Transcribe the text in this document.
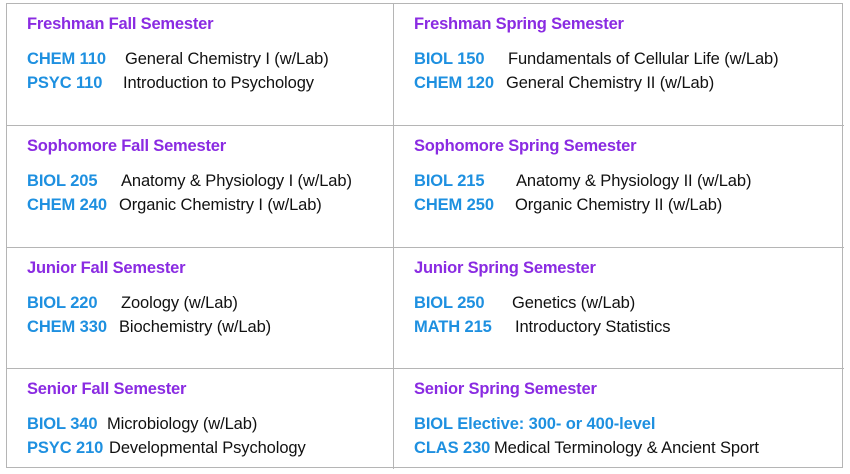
Freshman Fall Semester
CHEM 110 General Chemistry I (w/Lab)
PSYC 110 Introduction to Psychology
Freshman Spring Semester
BIOL 150 Fundamentals of Cellular Life (w/Lab)
CHEM 120 General Chemistry II (w/Lab)
Sophomore Fall Semester
BIOL 205 Anatomy & Physiology I (w/Lab)
CHEM 240 Organic Chemistry I (w/Lab)
Sophomore Spring Semester
BIOL 215 Anatomy & Physiology II (w/Lab)
CHEM 250 Organic Chemistry II (w/Lab)
Junior Fall Semester
BIOL 220 Zoology (w/Lab)
CHEM 330 Biochemistry (w/Lab)
Junior Spring Semester
BIOL 250 Genetics (w/Lab)
MATH 215 Introductory Statistics
Senior Fall Semester
BIOL 340 Microbiology (w/Lab)
PSYC 210 Developmental Psychology
Senior Spring Semester
BIOL Elective: 300- or 400-level
CLAS 230 Medical Terminology & Ancient Sport
